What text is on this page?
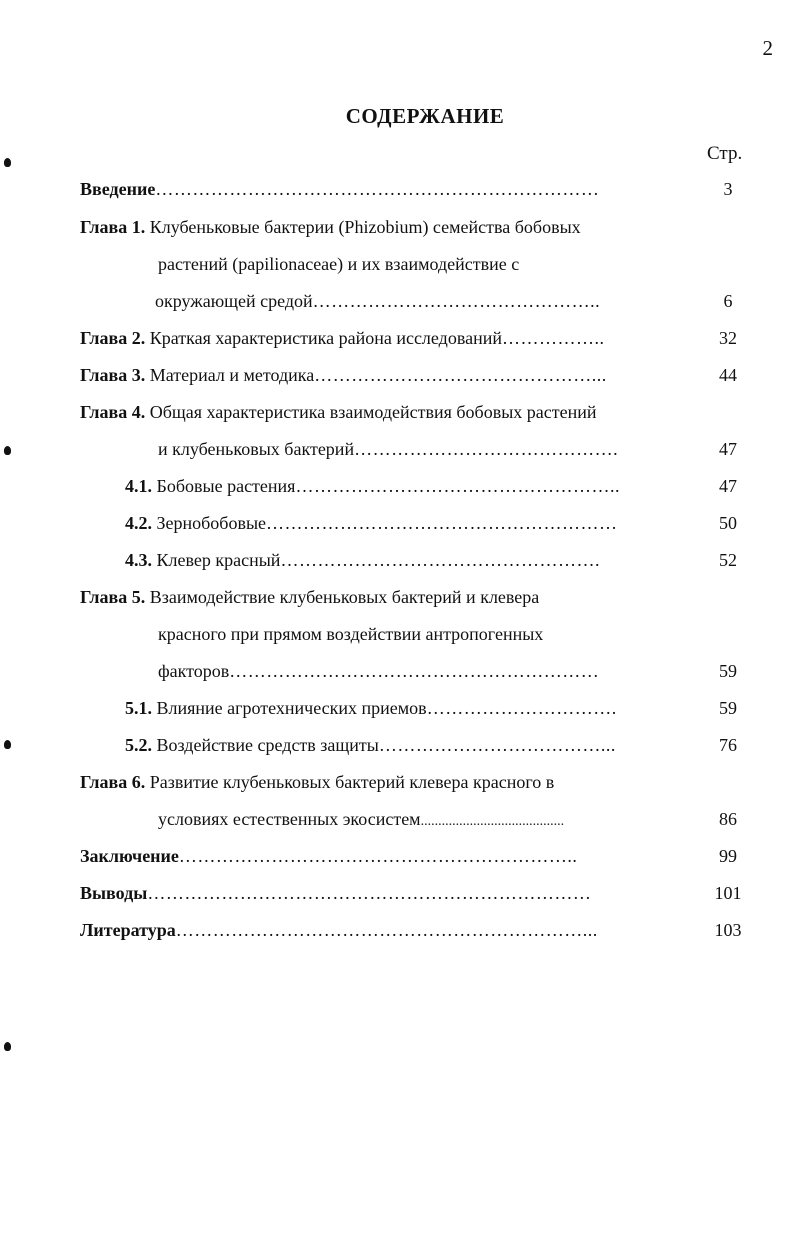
2
СОДЕРЖАНИЕ
Стр.
Введение………………………………………………………………	3
Глава 1. Клубеньковые бактерии (Phizobium) семейства бобовых
растений (papilionaceae) и их взаимодействие с
окружающей средой………………………………………..	6
Глава 2. Краткая характеристика района исследований……………..	32
Глава 3. Материал и методика………………………………………...	44
Глава 4. Общая характеристика взаимодействия бобовых растений
и клубеньковых бактерий…………………………………….	47
4.1. Бобовые растения……………………………………………..	47
4.2. Зернобобовые…………………………………………………	50
4.3. Клевер красный…………………………………………….	52
Глава 5. Взаимодействие клубеньковых бактерий и клевера
красного при прямом воздействии антропогенных
факторов……………………………………………………	59
5.1. Влияние агротехнических приемов………………………….	59
5.2. Воздействие средств защиты………………………………...	76
Глава 6. Развитие клубеньковых бактерий клевера красного в
условиях естественных экосистем.........................................	86
Заключение………………………………………………………..	99
Выводы………………………………………………………………	101
Литература…………………………………………………………...	103
